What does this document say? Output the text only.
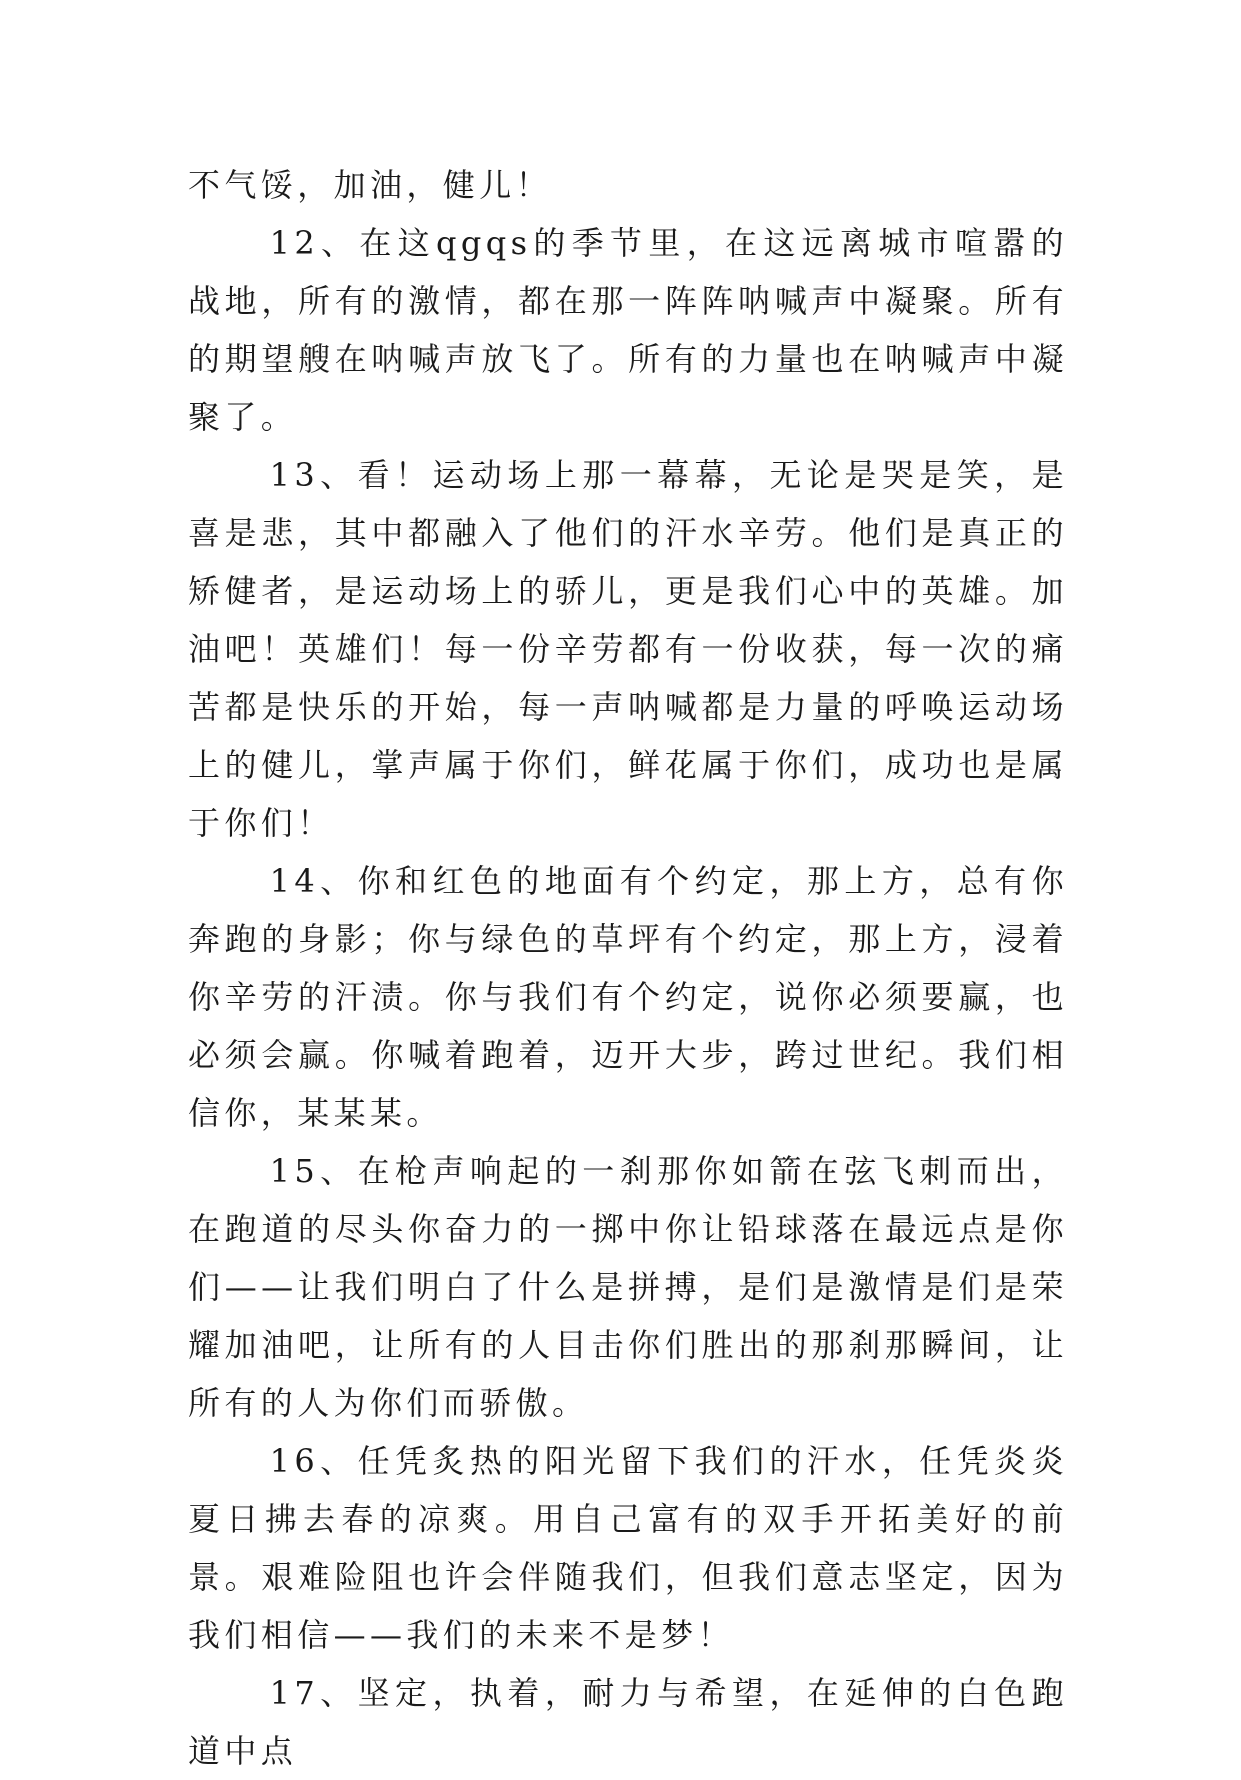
不气馁，加油，健儿！

12、在这qgqs的季节里，在这远离城市喧嚣的战地，所有的激情，都在那一阵阵呐喊声中凝聚。所有的期望艘在呐喊声放飞了。所有的力量也在呐喊声中凝聚了。

13、看！运动场上那一幕幕，无论是哭是笑，是喜是悲，其中都融入了他们的汗水辛劳。他们是真正的矫健者，是运动场上的骄儿，更是我们心中的英雄。加油吧！英雄们！每一份辛劳都有一份收获，每一次的痛苦都是快乐的开始，每一声呐喊都是力量的呼唤运动场上的健儿，掌声属于你们，鲜花属于你们，成功也是属于你们！

14、你和红色的地面有个约定，那上方，总有你奔跑的身影；你与绿色的草坪有个约定，那上方，浸着你辛劳的汗渍。你与我们有个约定，说你必须要赢，也必须会赢。你喊着跑着，迈开大步，跨过世纪。我们相信你，某某某。

15、在枪声响起的一刹那你如箭在弦飞刺而出，在跑道的尽头你奋力的一掷中你让铅球落在最远点是你们——让我们明白了什么是拼搏，是们是激情是们是荣耀加油吧，让所有的人目击你们胜出的那刹那瞬间，让所有的人为你们而骄傲。

16、任凭炙热的阳光留下我们的汗水，任凭炎炎夏日拂去春的凉爽。用自己富有的双手开拓美好的前景。艰难险阻也许会伴随我们，但我们意志坚定，因为我们相信——我们的未来不是梦！

17、坚定，执着，耐力与希望，在延伸的白色跑道中点
